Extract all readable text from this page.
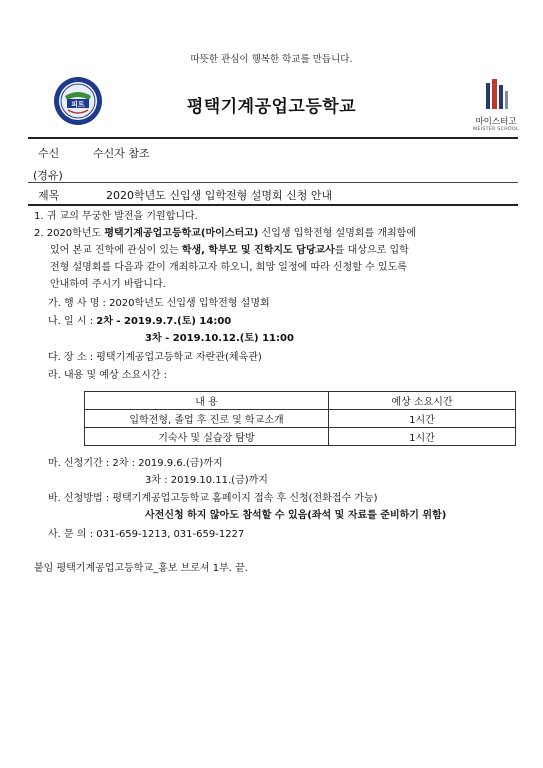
따뜻한 관심이 행복한 학교를 만듭니다.
피트	평택기계공업고등학교
마이스터고
MEISTER SCHOOL
수신	수신자 참조
(경유)
제목	2020학년도 신입생 입학전형 설명회 신청 안내
1. 귀 교의 무궁한 발전을 기원합니다.
2. 2020학년도 평택기계공업고등학교(마이스터고) 신입생 입학전형 설명회를 개최함에
있어 본교 진학에 관심이 있는 학생, 학부모 및 진학지도 담당교사를 대상으로 입학
전형 설명회를 다음과 같이 개최하고자 하오니, 희망 일정에 따라 신청할 수 있도록
안내하여 주시기 바랍니다.
가. 행 사 명 : 2020학년도 신입생 입학전형 설명회
나. 일 시 : 2차 - 2019.9.7.(토) 14:00
3차 - 2019.10.12.(토) 11:00
다. 장 소 : 평택기계공업고등학교 자란관(체육관)
라. 내용 및 예상 소요시간 :
내 용	예상 소요시간
입학전형, 졸업 후 진로 및 학교소개	1시간
기숙사 및 실습장 탐방	1시간
마. 신청기간 : 2차 : 2019.9.6.(금)까지
3차 : 2019.10.11.(금)까지
바. 신청방법 : 평택기계공업고등학교 홈페이지 접속 후 신청(전화접수 가능)
사전신청 하지 않아도 참석할 수 있음(좌석 및 자료를 준비하기 위함)
사. 문 의 : 031-659-1213, 031-659-1227
붙임 평택기계공업고등학교_홍보 브로셔 1부. 끝.
